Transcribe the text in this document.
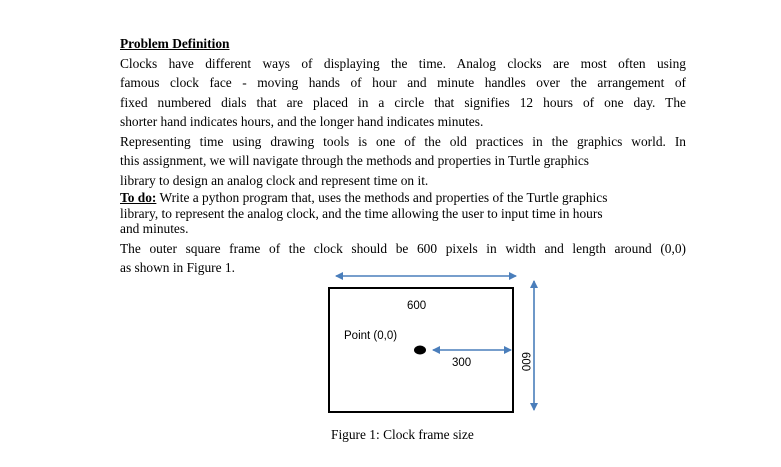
Problem Definition
Clocks have different ways of displaying the time. Analog clocks are most often using
famous clock face - moving hands of hour and minute handles over the arrangement of
fixed numbered dials that are placed in a circle that signifies 12 hours of one day. The
shorter hand indicates hours, and the longer hand indicates minutes.
Representing time using drawing tools is one of the old practices in the graphics world. In
this assignment, we will navigate through the methods and properties in Turtle graphics
library to design an analog clock and represent time on it.
To do: Write a python program that, uses the methods and properties of the Turtle graphics
library, to represent the analog clock, and the time allowing the user to input time in hours
and minutes.
The outer square frame of the clock should be 600 pixels in width and length around (0,0)
as shown in Figure 1.
600
Point (0,0)
300	600
Figure 1: Clock frame size
